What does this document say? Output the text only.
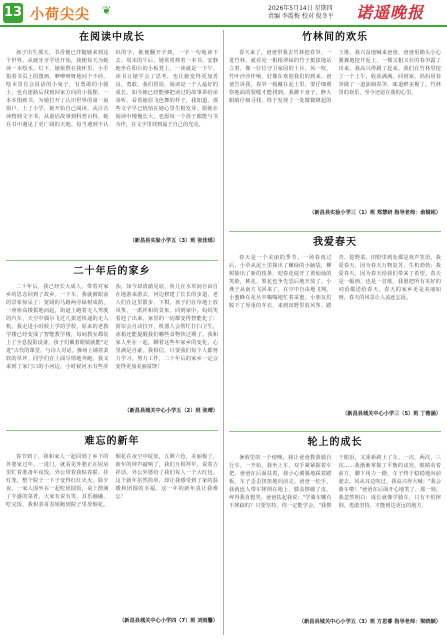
13 小荷尖尖 ❦	2026年5月14日 星期四
责编 李霞梅 校对 倪冬平 诺遥晚报
在阅读中成长

孩子出生那天，书香便已伴随她来到这个世界。从她牙牙学语开始，我便每天为她读一本绘本。灯下，她依偎在我怀里，小手指着书页上的图画，咿咿呀呀地问个不停。绘本里有会说话的小兔子，有勇敢的小骑士，也有迷路后找到回家方向的小狐狸。一本本图画书，为她打开了认识世界的第一扇窗户。上了小学，她开始自己阅读，从注音读物到文字书，从童话故事到科普百科，她在书中遇见了更广阔的天地。每当遇到不认识的字，她便翻开字典，一字一句地读下去。周末的午后，她常常捧着一本书，安静地坐在阳台的小板凳上，一读就是一下午。读书让她学会了思考，也让她变得更加善良、勇敢。我们常说，阅读是一个人最好的成长。如今她已经能够把读过的故事讲给弟弟听，看着她眉飞色舞的样子，我知道，那些文字早已悄悄在她心里生根发芽。愿她在阅读中慢慢长大，也愿每一个孩子都能与书为伴，在文字里找到属于自己的光亮。

（新昌县实验小学五（3）班 张佳瑶）
二十年后的家乡

二十年后，我已经长大成人，带着对家乡的思念回到了故乡。一下车，我就被眼前的景象惊呆了：宽阔的马路两旁绿树成荫，一座座高楼拔地而起，街道上跑着无人驾驶的汽车，天空中偶尔飞过几架送快递的无人机。我走进小时候上学的学校，原来的老教学楼已经变成了智能教学楼，每间教室都装上了全息投影设备，孩子们戴着眼镜就能"走进"古代的课堂，与诗人对话。操场上铺着柔软的草坪，同学们在上面尽情地奔跑。我又来到了家门口的小河边，小时候河水有些浑浊，如今却清澈见底，鱼儿在水草间自由自在地游来游去。河边修建了长长的步道，老人们在这里散步、下棋，孩子们在草地上放风筝，一派祥和的景象。回到家中，妈妈笑着迎了出来，家里的一切都变得智能化了：窗帘会自动拉开，机器人会帮忙打扫卫生，冰箱还能提醒我们哪些食物快过期了。我和家人坐在一起，聊着这些年家乡的变化，心里满是自豪。我相信，只要我们每个人都努力学习，努力工作，二十年后的家乡一定会变得更加美丽富饶！

（新昌县城关中心小学五（2）班 张晴）
难忘的新年

春节到了，我和家人一起回到了乡下的外婆家过年。一进门，就看见外婆正在厨房里忙着准备年夜饭。外公带着我贴春联、挂灯笼，整个院子一下子变得红红火火。除夕夜，一家人围坐在一起吃团圆饭，桌上摆满了丰盛的菜肴，大家有说有笑，其乐融融。吃完饭，我和表哥表姐跑到院子里放烟花。烟花在夜空中绽放，五颜六色，美丽极了。新年的钟声敲响了，我们互相拜年，说着吉祥话，外公外婆给了我们每人一个大红包。这个新年虽然简单，却让我感受到了家的温暖和团圆的幸福。这一年的新年真让我难忘！

（新昌县城关中心小学四（7）班 刘雨馨）
竹林间的欢乐

春天来了，爸爸带我去竹林挖春笋。一进竹林，就看见一根根翠绿的竹子挺拔地站立着，像一位位守卫家园的士兵。风一吹，竹叶沙沙作响，好像在欢迎我们的到来。爸爸告诉我，春笋一般藏在泥土里，要仔细观察地面的裂缝才能找到。我蹲下身子，睁大眼睛仔细寻找，终于发现了一处微微隆起的土堆。我兴奋地喊来爸爸，爸爸用锄头小心翼翼地挖开泥土，一棵又粗又壮的春笋露了出来。我高兴得跳了起来。我们在竹林里挖了一个上午，收获满满。回到家，妈妈用春笋做了一道油焖春笋，味道鲜美极了。竹林里的欢乐，至今还留在我的心里。

（新昌县实验小学三（1）班 郑慧研 指导老师：俞镜铭）
我爱春天

春天是一个美丽的季节。一场春雨过后，小草从泥土里探出了嫩绿的小脑袋，柳树抽出了新的枝条，迎春花绽开了黄灿灿的笑脸，桃花、梨花也争先恐后地开放了。小燕子从南方飞回来了，在空中自由地飞翔，小蜜蜂在花丛中嗡嗡地忙着采蜜。小朋友们脱下了厚重的冬衣，来到田野里放风筝、踏青、挖野菜。田野里到处都是欢声笑语。我爱春天，因为春天万物复苏，生机勃勃；我爱春天，因为春天给我们带来了希望。春天是一幅画，也是一首歌，我愿把所有美好的词语都送给春天。春天的家乡更是美丽如画，春天的风景让人流连忘返。

（新昌县城关中心小学三（5）班 丁雅涵）
轮上的成长

暑假里的一个傍晚，我让爸爸教我骑自行车。一开始，我坐上车，双手紧紧握着车把，爸爸在后面扶着，我小心翼翼地踩着踏板，车子歪歪扭扭地向前走。爸爸一松手，我就连人带车摔倒在地上，膝盖擦破了皮，疼得我直想哭。爸爸扶起我说："学骑车哪有不摔跤的？只要坚持，你一定能学会。"我擦干眼泪，又重新跨上了车。一次，两次，三次……我渐渐掌握了平衡的诀窍，眼睛看着前方，脚下用力一蹬，车子终于稳稳地向前驶去。风从耳边吹过，我高兴得大喊："我会骑车啦！"爸爸在后面开心地笑了。那一刻，我忽然明白：成长就像学骑车，只有不怕摔倒，勇敢坚持，才能到达更远的地方。

（新昌县城关中心小学五（3）班 方思睿 指导老师：梁晓颖）
